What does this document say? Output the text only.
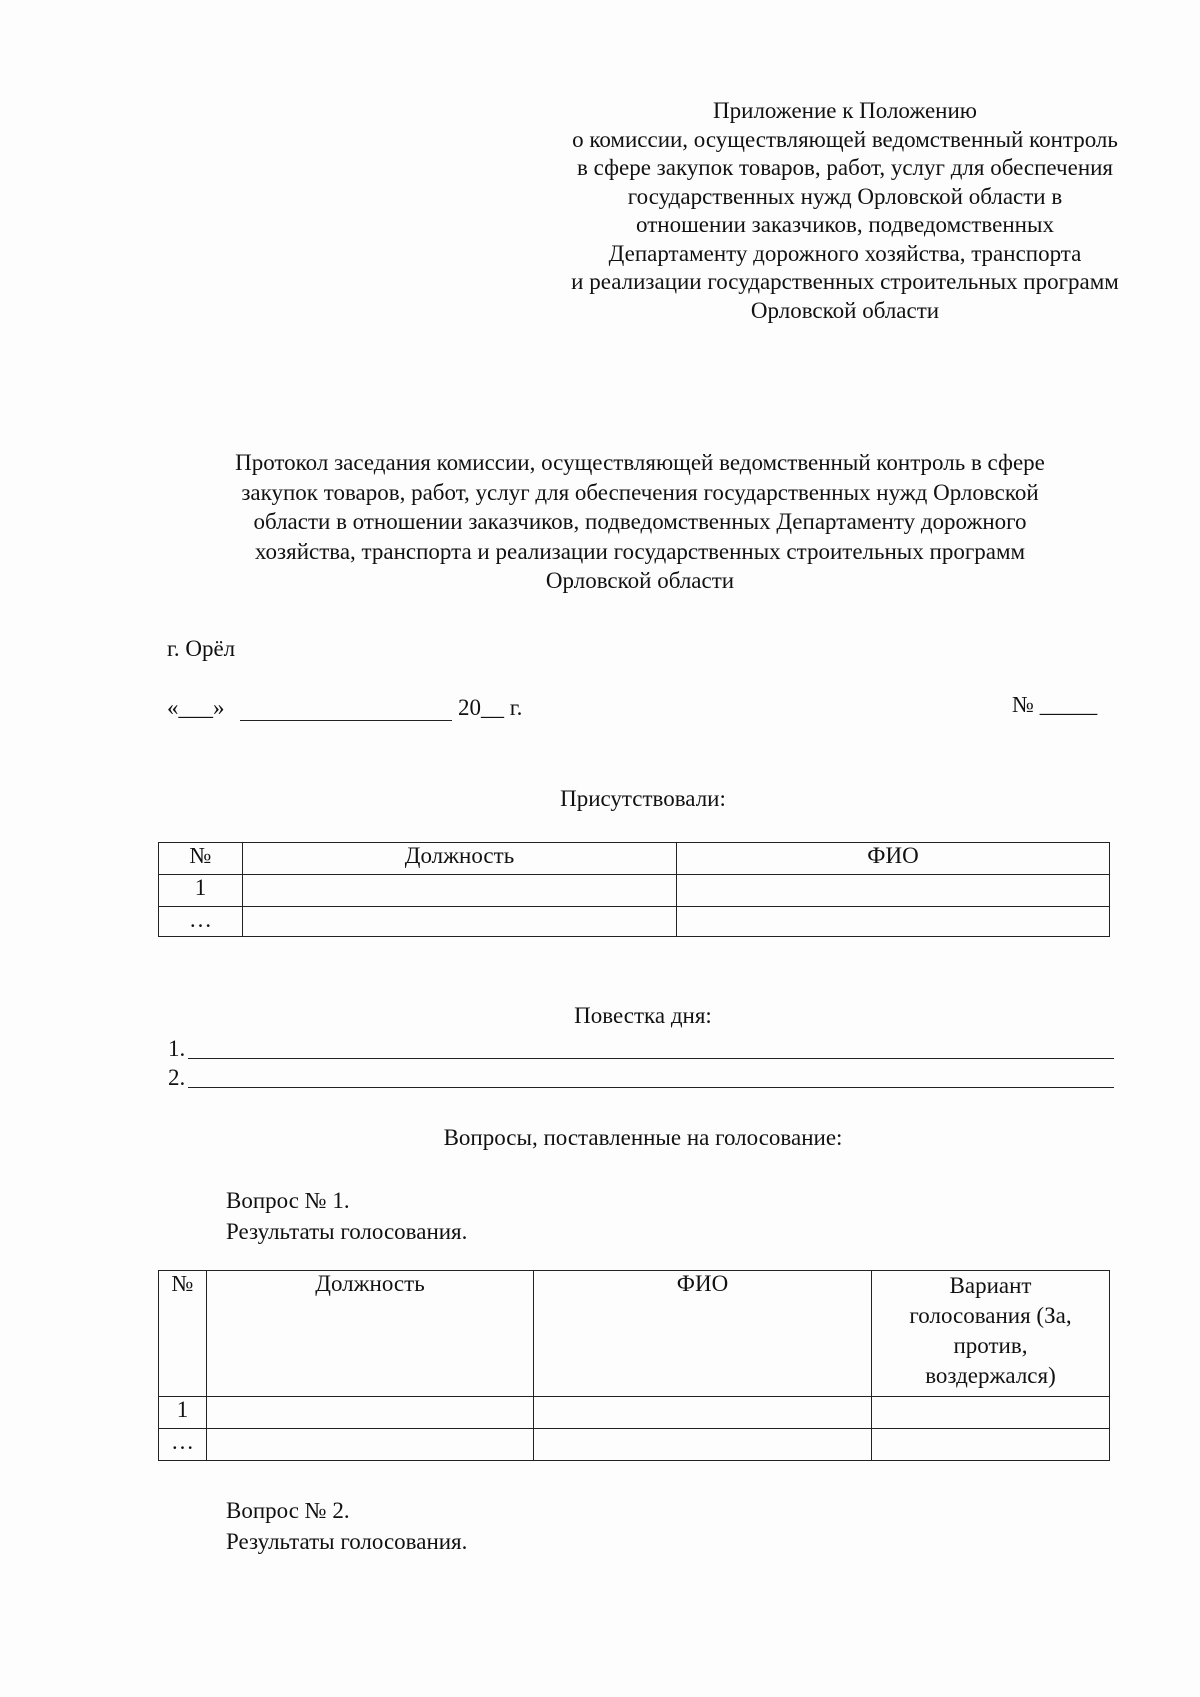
Приложение к Положению
о комиссии, осуществляющей ведомственный контроль
в сфере закупок товаров, работ, услуг для обеспечения
государственных нужд Орловской области в
отношении заказчиков, подведомственных
Департаменту дорожного хозяйства, транспорта
и реализации государственных строительных программ
Орловской области
Протокол заседания комиссии, осуществляющей ведомственный контроль в сфере
закупок товаров, работ, услуг для обеспечения государственных нужд Орловской
области в отношении заказчиков, подведомственных Департаменту дорожного
хозяйства, транспорта и реализации государственных строительных программ
Орловской области
г. Орёл
«___»	20__ г.	№ _____
Присутствовали:
№	Должность	ФИО
1		
…		
Повестка дня:
1.
2.
Вопросы, поставленные на голосование:
Вопрос № 1.
Результаты голосования.
№	Должность	ФИО	Вариант голосования (За, против, воздержался)
1			
…			
Вопрос № 2.
Результаты голосования.
